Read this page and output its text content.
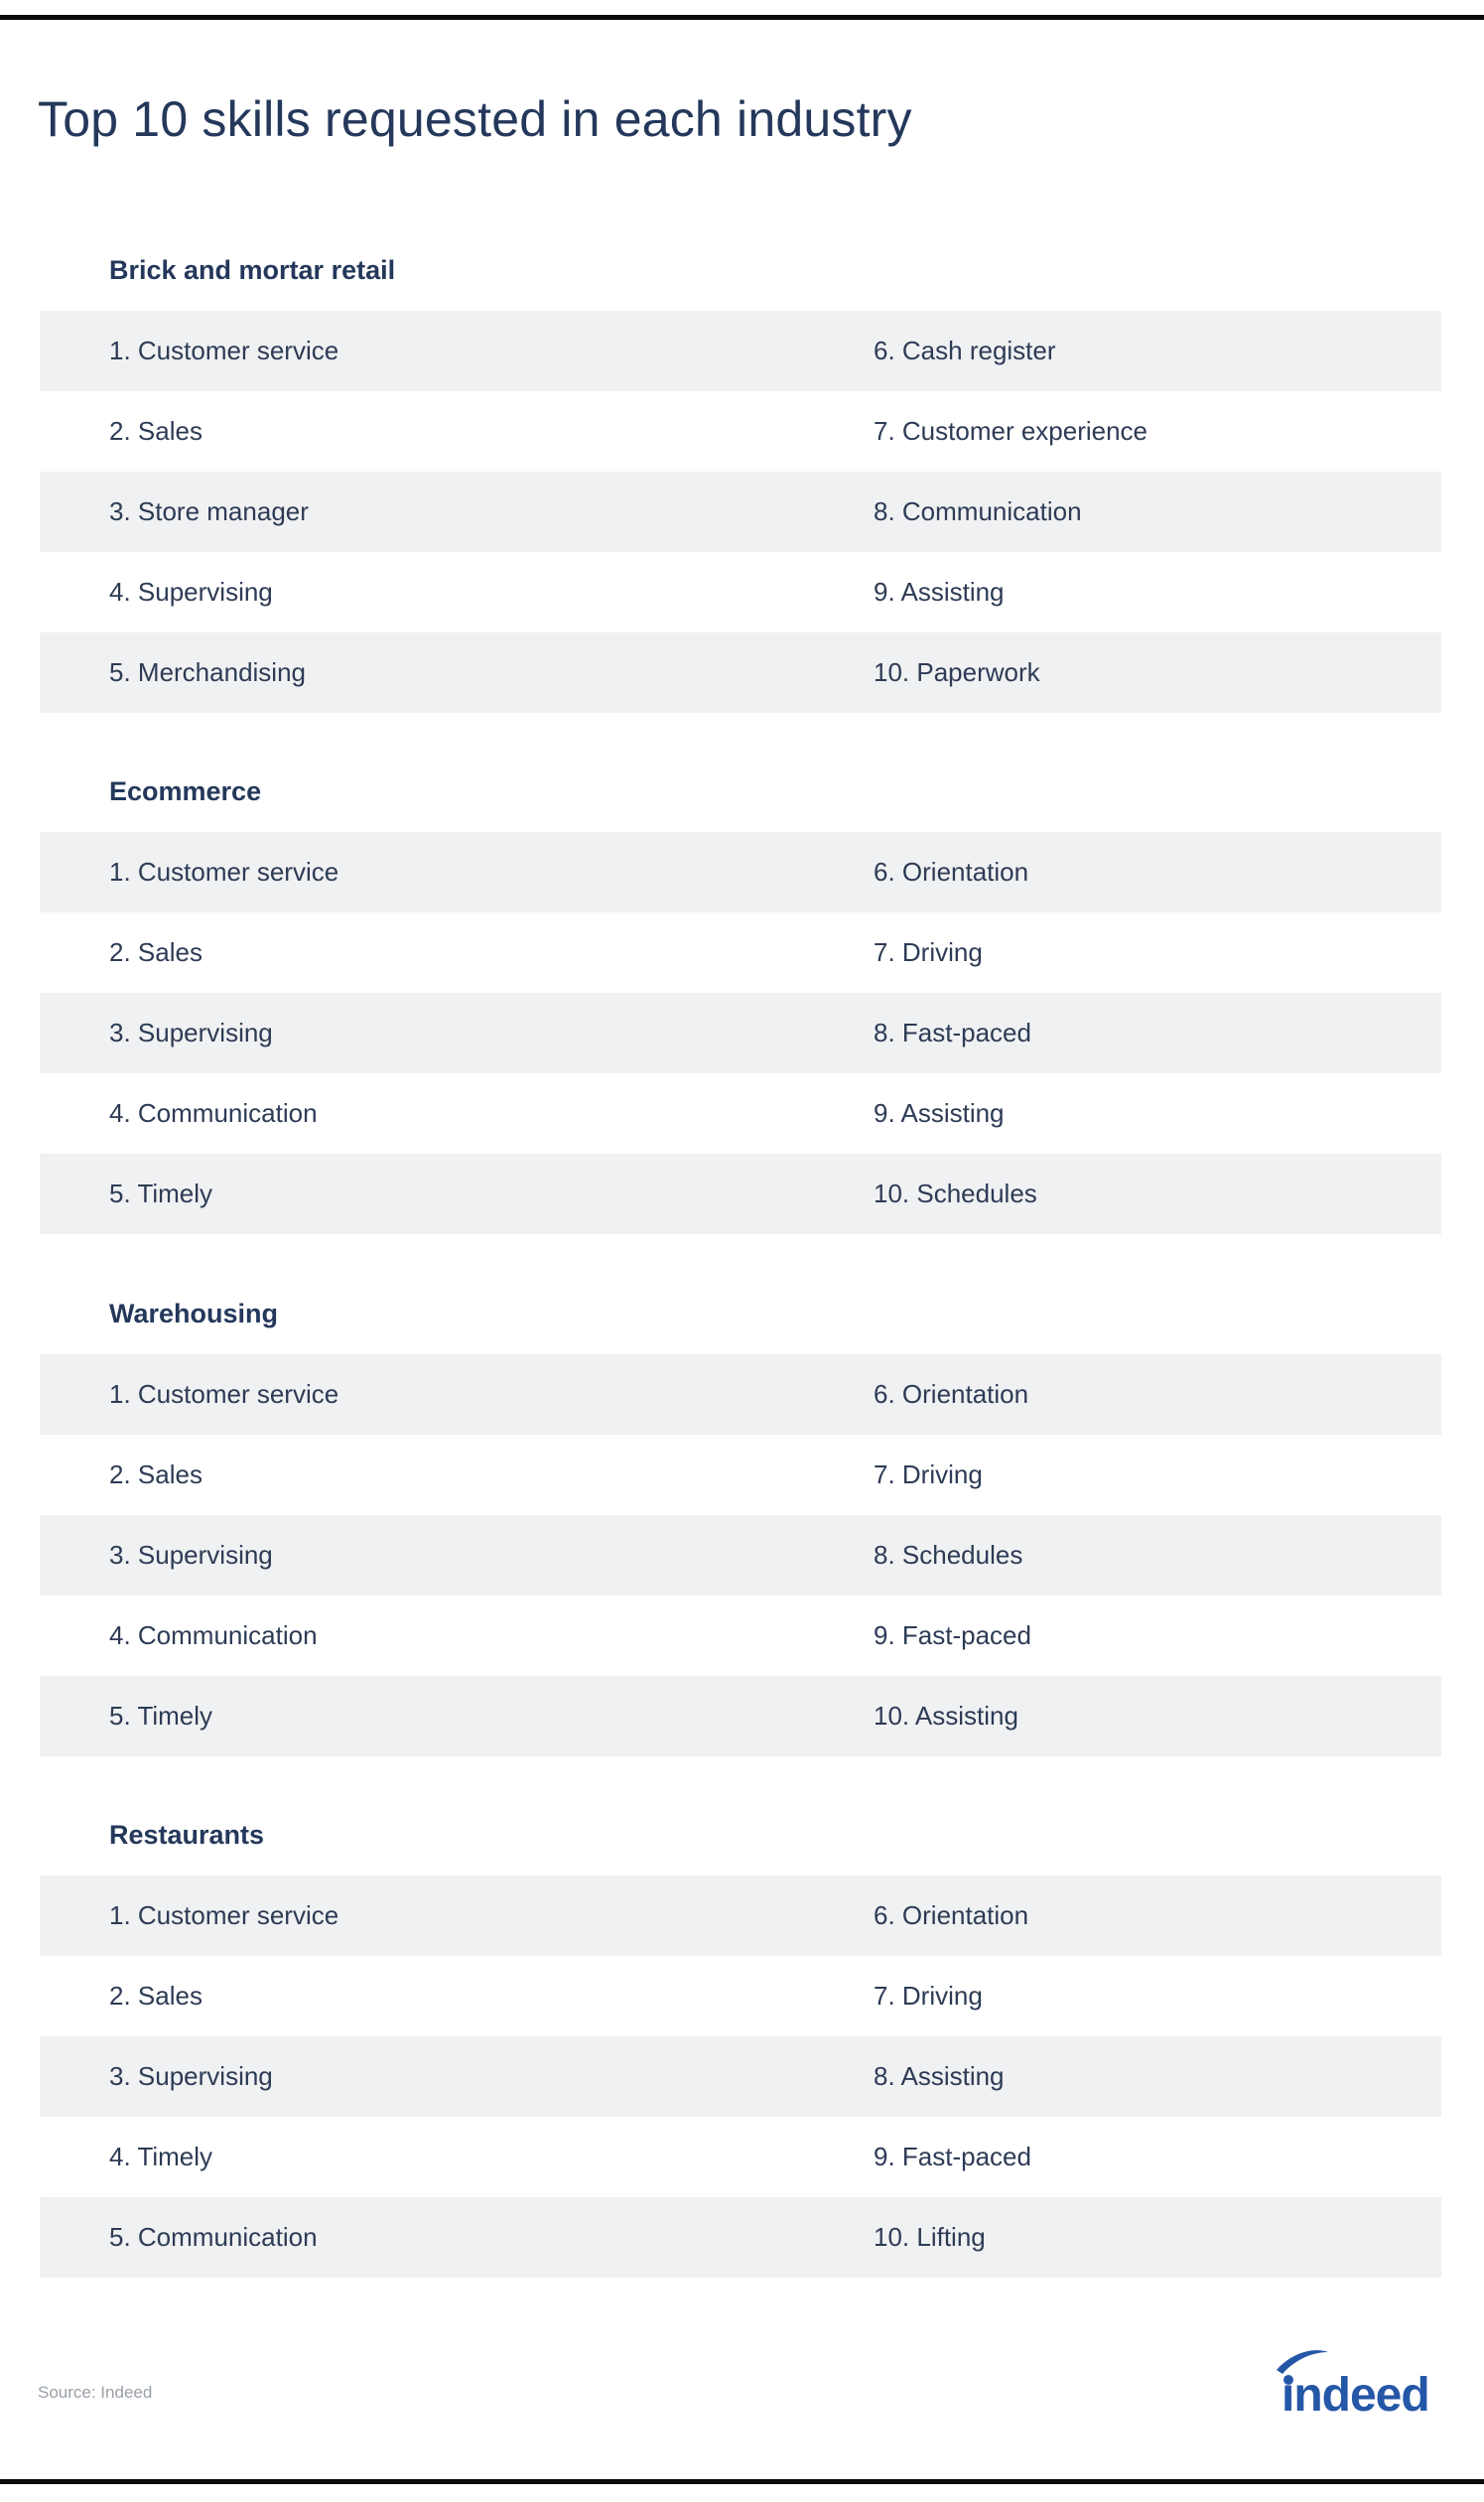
Top 10 skills requested in each industry
Brick and mortar retail
1. Customer service	6. Cash register
2. Sales	7. Customer experience
3. Store manager	8. Communication
4. Supervising	9. Assisting
5. Merchandising	10. Paperwork
Ecommerce
1. Customer service	6. Orientation
2. Sales	7. Driving
3. Supervising	8. Fast-paced
4. Communication	9. Assisting
5. Timely	10. Schedules
Warehousing
1. Customer service	6. Orientation
2. Sales	7. Driving
3. Supervising	8. Schedules
4. Communication	9. Fast-paced
5. Timely	10. Assisting
Restaurants
1. Customer service	6. Orientation
2. Sales	7. Driving
3. Supervising	8. Assisting
4. Timely	9. Fast-paced
5. Communication	10. Lifting
Source: Indeed	indeed
